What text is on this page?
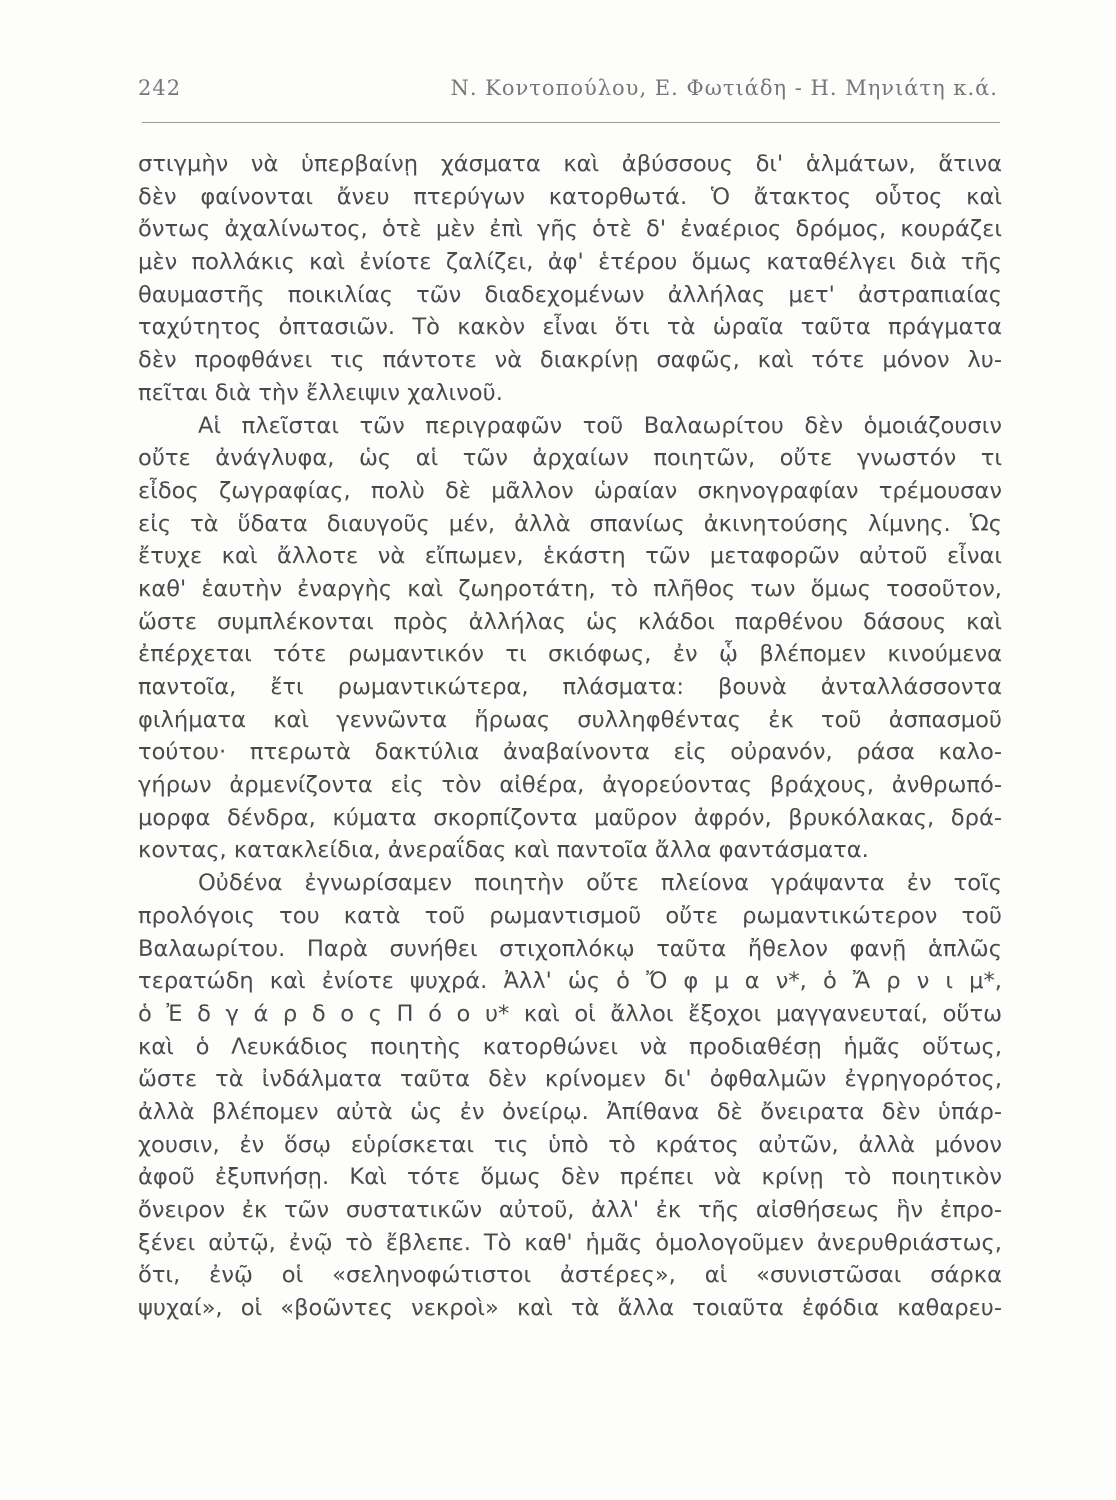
242	Ν. Κοντοπούλου, Ε. Φωτιάδη - Η. Μηνιάτη κ.ά.
στιγμὴν νὰ ὑπερβαίνῃ χάσματα καὶ ἀβύσσους δι' ἁλμάτων, ἅτινα
δὲν φαίνονται ἄνευ πτερύγων κατορθωτά. Ὁ ἄτακτος οὗτος καὶ
ὄντως ἀχαλίνωτος, ὁτὲ μὲν ἐπὶ γῆς ὁτὲ δ' ἐναέριος δρόμος, κουράζει
μὲν πολλάκις καὶ ἐνίοτε ζαλίζει, ἀφ' ἑτέρου ὅμως καταθέλγει διὰ τῆς
θαυμαστῆς ποικιλίας τῶν διαδεχομένων ἀλλήλας μετ' ἀστραπιαίας
ταχύτητος ὀπτασιῶν. Τὸ κακὸν εἶναι ὅτι τὰ ὡραῖα ταῦτα πράγματα
δὲν προφθάνει τις πάντοτε νὰ διακρίνῃ σαφῶς, καὶ τότε μόνον λυ-
πεῖται διὰ τὴν ἔλλειψιν χαλινοῦ.
Αἱ πλεῖσται τῶν περιγραφῶν τοῦ Βαλαωρίτου δὲν ὁμοιάζουσιν
οὔτε ἀνάγλυφα, ὡς αἱ τῶν ἀρχαίων ποιητῶν, οὔτε γνωστόν τι
εἶδος ζωγραφίας, πολὺ δὲ μᾶλλον ὡραίαν σκηνογραφίαν τρέμουσαν
εἰς τὰ ὕδατα διαυγοῦς μέν, ἀλλὰ σπανίως ἀκινητούσης λίμνης. Ὡς
ἔτυχε καὶ ἄλλοτε νὰ εἴπωμεν, ἑκάστη τῶν μεταφορῶν αὐτοῦ εἶναι
καθ' ἑαυτὴν ἐναργὴς καὶ ζωηροτάτη, τὸ πλῆθος των ὅμως τοσοῦτον,
ὥστε συμπλέκονται πρὸς ἀλλήλας ὡς κλάδοι παρθένου δάσους καὶ
ἐπέρχεται τότε ρωμαντικόν τι σκιόφως, ἐν ᾧ βλέπομεν κινούμενα
παντοῖα, ἔτι ρωμαντικώτερα, πλάσματα: βουνὰ ἀνταλλάσσοντα
φιλήματα καὶ γεννῶντα ἥρωας συλληφθέντας ἐκ τοῦ ἀσπασμοῦ
τούτου· πτερωτὰ δακτύλια ἀναβαίνοντα εἰς οὐρανόν, ράσα καλο-
γήρων ἀρμενίζοντα εἰς τὸν αἰθέρα, ἀγορεύοντας βράχους, ἀνθρωπό-
μορφα δένδρα, κύματα σκορπίζοντα μαῦρον ἀφρόν, βρυκόλακας, δρά-
κοντας, κατακλείδια, ἀνεραΐδας καὶ παντοῖα ἄλλα φαντάσματα.
Οὐδένα ἐγνωρίσαμεν ποιητὴν οὔτε πλείονα γράψαντα ἐν τοῖς
προλόγοις του κατὰ τοῦ ρωμαντισμοῦ οὔτε ρωμαντικώτερον τοῦ
Βαλαωρίτου. Παρὰ συνήθει στιχοπλόκῳ ταῦτα ἤθελον φανῇ ἁπλῶς
τερατώδη καὶ ἐνίοτε ψυχρά. Ἀλλ' ὡς ὁ Ὄ φ μ α ν*, ὁ Ἄ ρ ν ι μ*,
ὁ Ἐ δ γ ά ρ δ ο ς Π ό ο υ* καὶ οἱ ἄλλοι ἔξοχοι μαγγανευταί, οὕτω
καὶ ὁ Λευκάδιος ποιητὴς κατορθώνει νὰ προδιαθέσῃ ἡμᾶς οὕτως,
ὥστε τὰ ἰνδάλματα ταῦτα δὲν κρίνομεν δι' ὀφθαλμῶν ἐγρηγορότος,
ἀλλὰ βλέπομεν αὐτὰ ὡς ἐν ὀνείρῳ. Ἀπίθανα δὲ ὄνειρατα δὲν ὑπάρ-
χουσιν, ἐν ὅσῳ εὑρίσκεται τις ὑπὸ τὸ κράτος αὐτῶν, ἀλλὰ μόνον
ἀφοῦ ἐξυπνήσῃ. Καὶ τότε ὅμως δὲν πρέπει νὰ κρίνῃ τὸ ποιητικὸν
ὄνειρον ἐκ τῶν συστατικῶν αὐτοῦ, ἀλλ' ἐκ τῆς αἰσθήσεως ἣν ἐπρο-
ξένει αὐτῷ, ἐνῷ τὸ ἔβλεπε. Τὸ καθ' ἡμᾶς ὁμολογοῦμεν ἀνερυθριάστως,
ὅτι, ἐνῷ οἱ «σεληνοφώτιστοι ἀστέρες», αἱ «συνιστῶσαι σάρκα
ψυχαί», οἱ «βοῶντες νεκροὶ» καὶ τὰ ἄλλα τοιαῦτα ἐφόδια καθαρευ-
